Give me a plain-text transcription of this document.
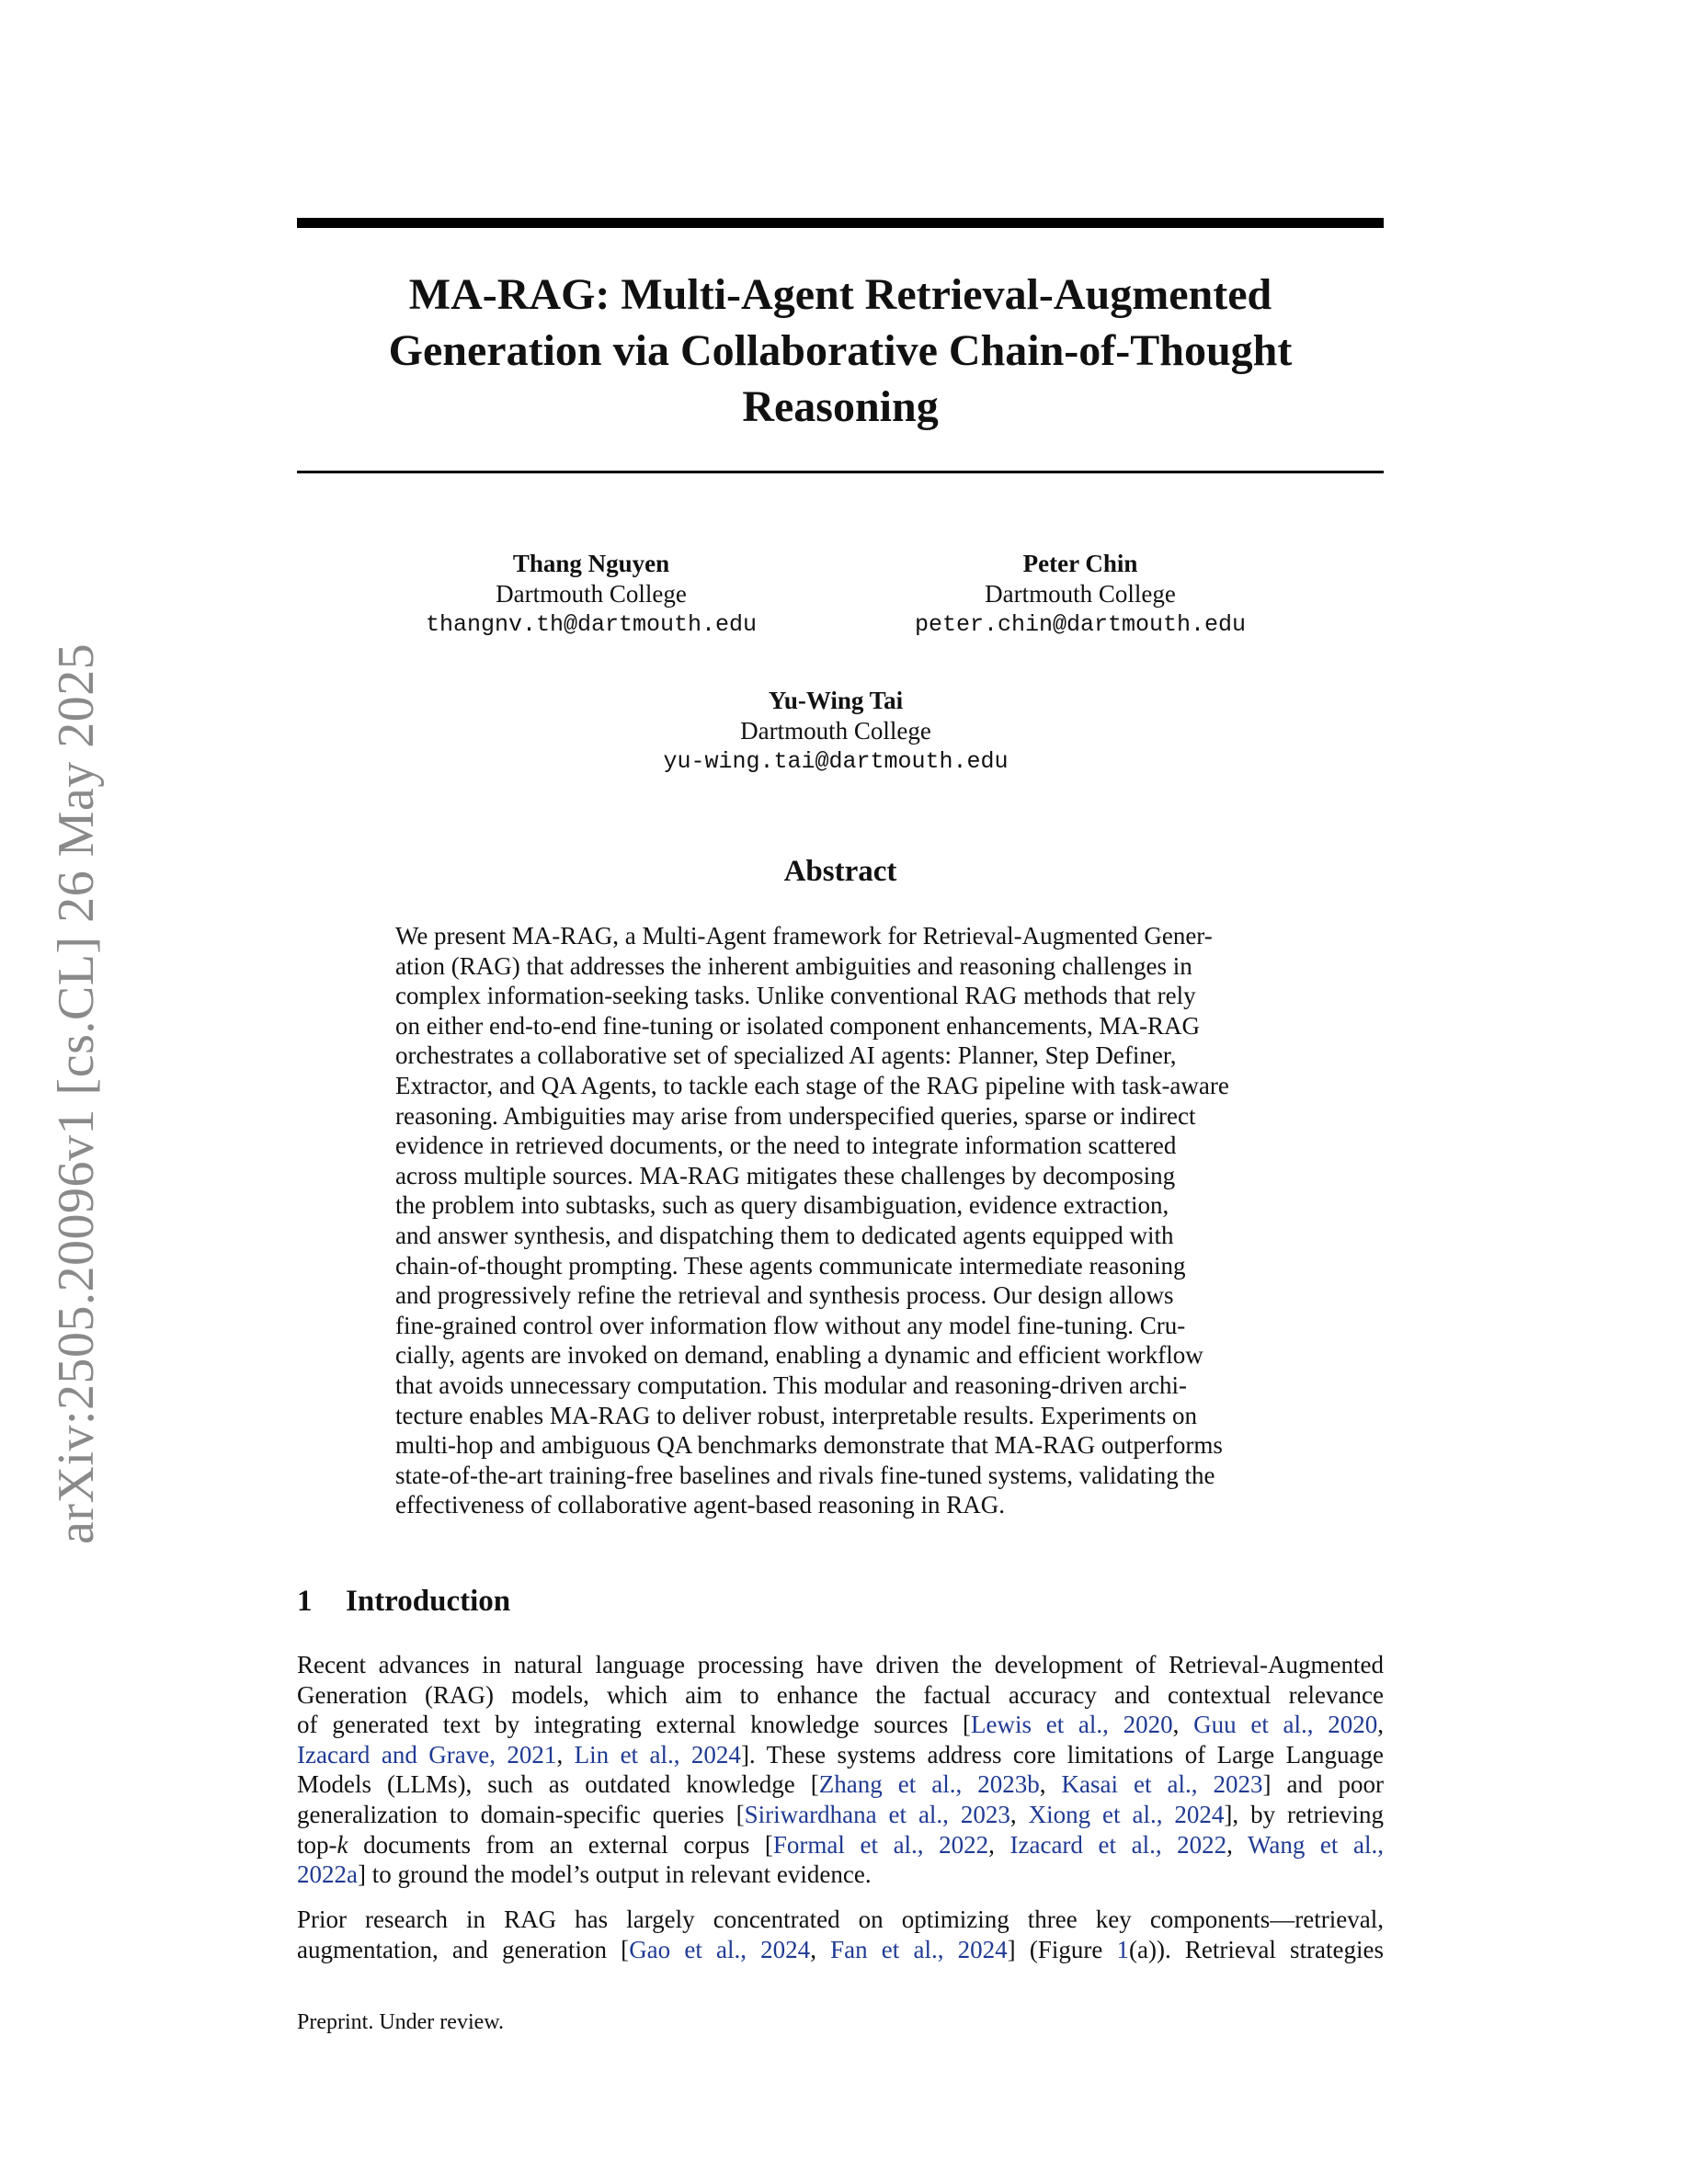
arXiv:2505.20096v1 [cs.CL] 26 May 2025
MA-RAG: Multi-Agent Retrieval-Augmented
Generation via Collaborative Chain-of-Thought
Reasoning
Thang Nguyen
Dartmouth College
thangnv.th@dartmouth.edu
Peter Chin
Dartmouth College
peter.chin@dartmouth.edu
Yu-Wing Tai
Dartmouth College
yu-wing.tai@dartmouth.edu
Abstract
We present MA-RAG, a Multi-Agent framework for Retrieval-Augmented Gener-
ation (RAG) that addresses the inherent ambiguities and reasoning challenges in
complex information-seeking tasks. Unlike conventional RAG methods that rely
on either end-to-end fine-tuning or isolated component enhancements, MA-RAG
orchestrates a collaborative set of specialized AI agents: Planner, Step Definer,
Extractor, and QA Agents, to tackle each stage of the RAG pipeline with task-aware
reasoning. Ambiguities may arise from underspecified queries, sparse or indirect
evidence in retrieved documents, or the need to integrate information scattered
across multiple sources. MA-RAG mitigates these challenges by decomposing
the problem into subtasks, such as query disambiguation, evidence extraction,
and answer synthesis, and dispatching them to dedicated agents equipped with
chain-of-thought prompting. These agents communicate intermediate reasoning
and progressively refine the retrieval and synthesis process. Our design allows
fine-grained control over information flow without any model fine-tuning. Cru-
cially, agents are invoked on demand, enabling a dynamic and efficient workflow
that avoids unnecessary computation. This modular and reasoning-driven archi-
tecture enables MA-RAG to deliver robust, interpretable results. Experiments on
multi-hop and ambiguous QA benchmarks demonstrate that MA-RAG outperforms
state-of-the-art training-free baselines and rivals fine-tuned systems, validating the
effectiveness of collaborative agent-based reasoning in RAG.
1 Introduction
Recent advances in natural language processing have driven the development of Retrieval-Augmented
Generation (RAG) models, which aim to enhance the factual accuracy and contextual relevance
of generated text by integrating external knowledge sources [Lewis et al., 2020, Guu et al., 2020,
Izacard and Grave, 2021, Lin et al., 2024]. These systems address core limitations of Large Language
Models (LLMs), such as outdated knowledge [Zhang et al., 2023b, Kasai et al., 2023] and poor
generalization to domain-specific queries [Siriwardhana et al., 2023, Xiong et al., 2024], by retrieving
top-k documents from an external corpus [Formal et al., 2022, Izacard et al., 2022, Wang et al.,
2022a] to ground the model’s output in relevant evidence.
Prior research in RAG has largely concentrated on optimizing three key components—retrieval,
augmentation, and generation [Gao et al., 2024, Fan et al., 2024] (Figure 1(a)). Retrieval strategies

Preprint. Under review.
